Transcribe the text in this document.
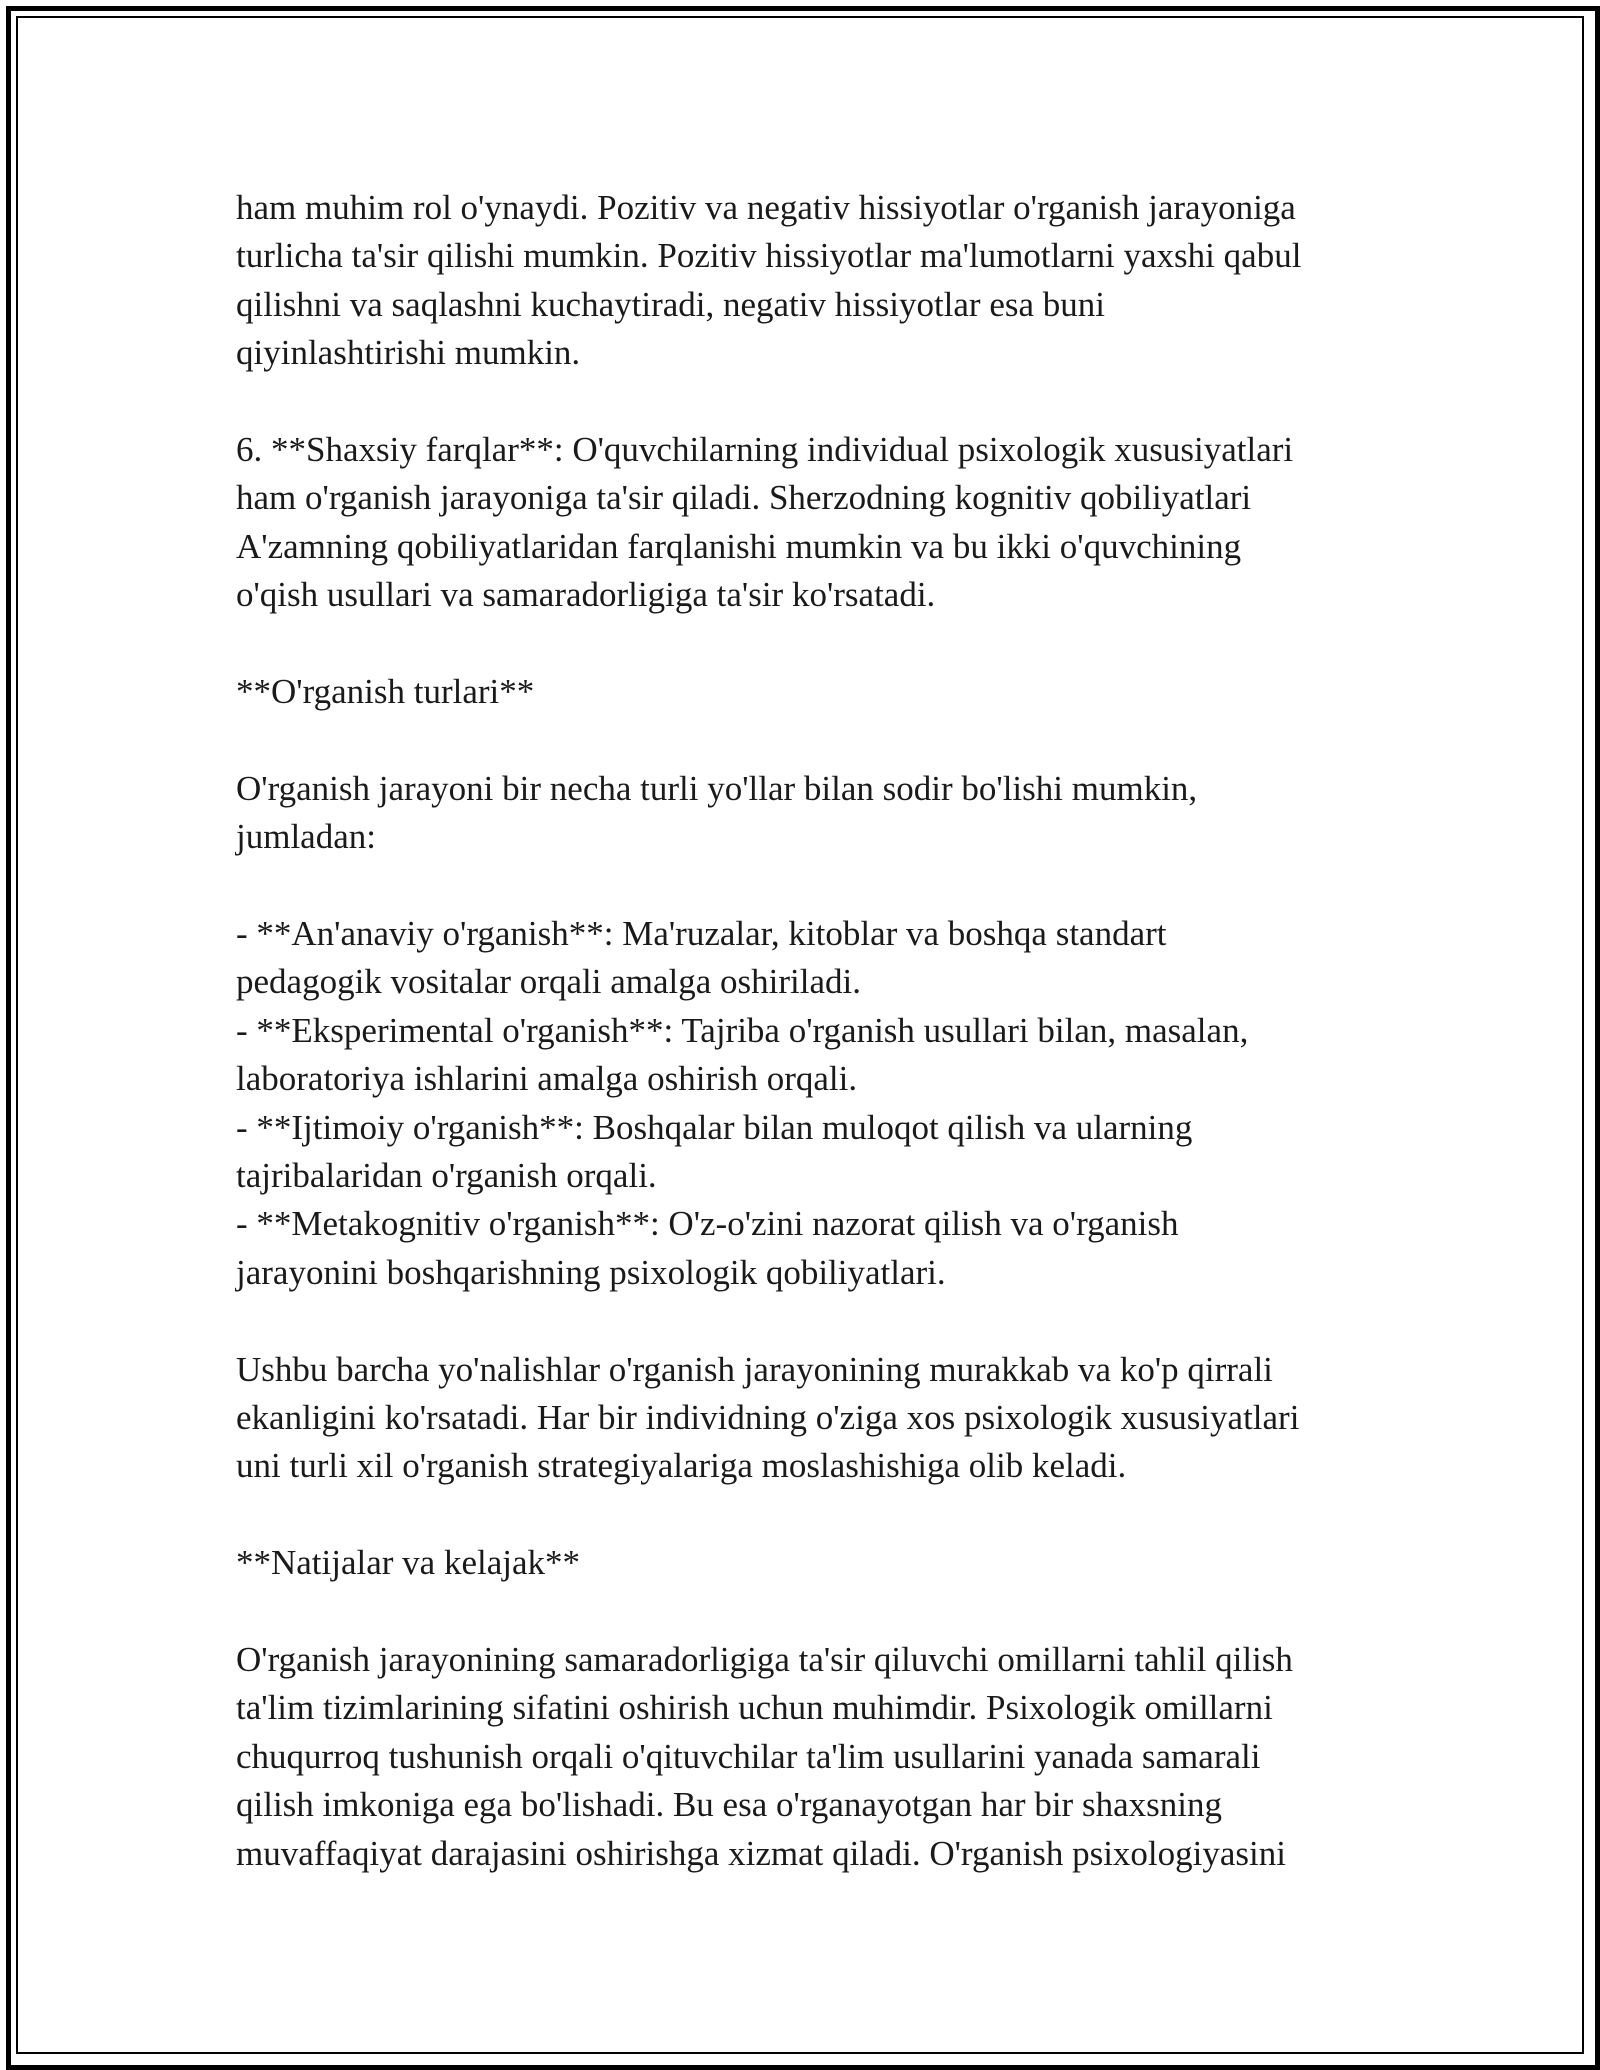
ham muhim rol o'ynaydi. Pozitiv va negativ hissiyotlar o'rganish jarayoniga
turlicha ta'sir qilishi mumkin. Pozitiv hissiyotlar ma'lumotlarni yaxshi qabul
qilishni va saqlashni kuchaytiradi, negativ hissiyotlar esa buni
qiyinlashtirishi mumkin.
6. **Shaxsiy farqlar**: O'quvchilarning individual psixologik xususiyatlari
ham o'rganish jarayoniga ta'sir qiladi. Sherzodning kognitiv qobiliyatlari
A'zamning qobiliyatlaridan farqlanishi mumkin va bu ikki o'quvchining
o'qish usullari va samaradorligiga ta'sir ko'rsatadi.
**O'rganish turlari**
O'rganish jarayoni bir necha turli yo'llar bilan sodir bo'lishi mumkin,
jumladan:
- **An'anaviy o'rganish**: Ma'ruzalar, kitoblar va boshqa standart
pedagogik vositalar orqali amalga oshiriladi.
- **Eksperimental o'rganish**: Tajriba o'rganish usullari bilan, masalan,
laboratoriya ishlarini amalga oshirish orqali.
- **Ijtimoiy o'rganish**: Boshqalar bilan muloqot qilish va ularning
tajribalaridan o'rganish orqali.
- **Metakognitiv o'rganish**: O'z-o'zini nazorat qilish va o'rganish
jarayonini boshqarishning psixologik qobiliyatlari.
Ushbu barcha yo'nalishlar o'rganish jarayonining murakkab va ko'p qirrali
ekanligini ko'rsatadi. Har bir individning o'ziga xos psixologik xususiyatlari
uni turli xil o'rganish strategiyalariga moslashishiga olib keladi.
**Natijalar va kelajak**
O'rganish jarayonining samaradorligiga ta'sir qiluvchi omillarni tahlil qilish
ta'lim tizimlarining sifatini oshirish uchun muhimdir. Psixologik omillarni
chuqurroq tushunish orqali o'qituvchilar ta'lim usullarini yanada samarali
qilish imkoniga ega bo'lishadi. Bu esa o'rganayotgan har bir shaxsning
muvaffaqiyat darajasini oshirishga xizmat qiladi. O'rganish psixologiyasini
